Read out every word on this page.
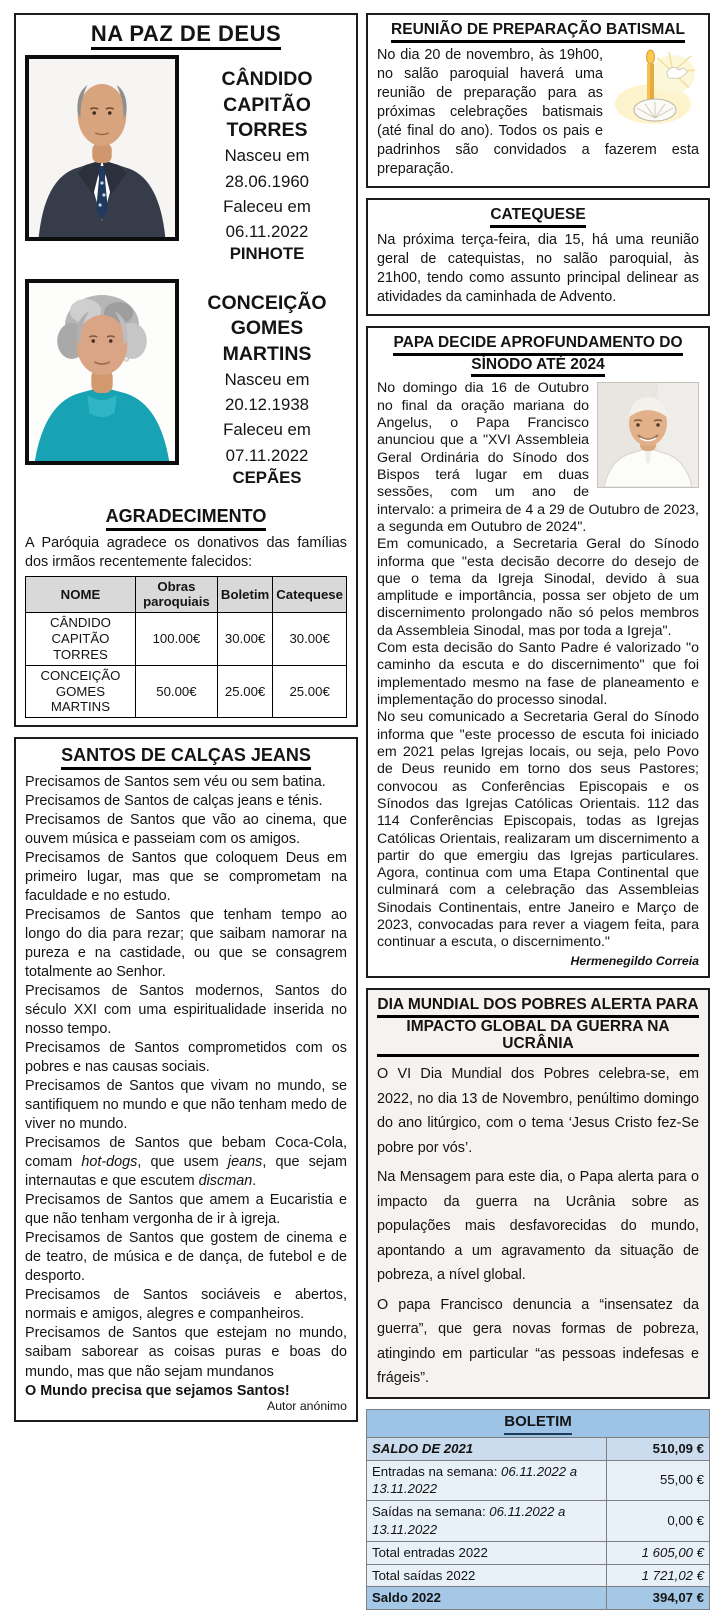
NA PAZ DE DEUS
CÂNDIDO
CAPITÃO TORRES
Nasceu em 28.06.1960
Faleceu em 06.11.2022
PINHOTE
CONCEIÇÃO
GOMES MARTINS
Nasceu em 20.12.1938
Faleceu em 07.11.2022
CEPÃES
AGRADECIMENTO

A Paróquia agradece os donativos das famílias dos irmãos recentemente falecidos:

NOME	Obras paroquiais	Boletim	Catequese
CÂNDIDO CAPITÃO TORRES	100.00€	30.00€	30.00€
CONCEIÇÃO GOMES MARTINS	50.00€	25.00€	25.00€
SANTOS DE CALÇAS JEANS

Precisamos de Santos sem véu ou sem batina.

Precisamos de Santos de calças jeans e ténis.

Precisamos de Santos que vão ao cinema, que ouvem música e passeiam com os amigos.

Precisamos de Santos que coloquem Deus em primeiro lugar, mas que se comprometam na faculdade e no estudo.

Precisamos de Santos que tenham tempo ao longo do dia para rezar; que saibam namorar na pureza e na castidade, ou que se consagrem totalmente ao Senhor.

Precisamos de Santos modernos, Santos do século XXI com uma espiritualidade inserida no nosso tempo.

Precisamos de Santos comprometidos com os pobres e nas causas sociais.

Precisamos de Santos que vivam no mundo, se santifiquem no mundo e que não tenham medo de viver no mundo.

Precisamos de Santos que bebam Coca-Cola, comam hot-dogs, que usem jeans, que sejam internautas e que escutem discman.

Precisamos de Santos que amem a Eucaristia e que não tenham vergonha de ir à igreja.

Precisamos de Santos que gostem de cinema e de teatro, de música e de dança, de futebol e de desporto.

Precisamos de Santos sociáveis e abertos, normais e amigos, alegres e companheiros.

Precisamos de Santos que estejam no mundo, saibam saborear as coisas puras e boas do mundo, mas que não sejam mundanos

O Mundo precisa que sejamos Santos!

Autor anónimo
REUNIÃO DE PREPARAÇÃO BATISMAL
No dia 20 de novembro, às 19h00, no salão paroquial haverá uma reunião de preparação para as próximas celebrações batismais (até final do ano). Todos os pais e padrinhos são convidados a fazerem esta preparação.
CATEQUESE

Na próxima terça-feira, dia 15, há uma reunião geral de catequistas, no salão paroquial, às 21h00, tendo como assunto principal delinear as atividades da caminhada de Advento.

PAPA DECIDE APROFUNDAMENTO DO
SÍNODO ATÉ 2024

No domingo dia 16 de Outubro no final da oração mariana do Angelus, o Papa Francisco anunciou que a "XVI Assembleia Geral Ordinária do Sínodo dos Bispos terá lugar em duas sessões, com um ano de intervalo: a primeira de 4 a 29 de Outubro de 2023, a segunda em Outubro de 2024".

Em comunicado, a Secretaria Geral do Sínodo informa que "esta decisão decorre do desejo de que o tema da Igreja Sinodal, devido à sua amplitude e importância, possa ser objeto de um discernimento prolongado não só pelos membros da Assembleia Sinodal, mas por toda a Igreja".

Com esta decisão do Santo Padre é valorizado "o caminho da escuta e do discernimento" que foi implementado mesmo na fase de planeamento e implementação do processo sinodal.

No seu comunicado a Secretaria Geral do Sínodo informa que "este processo de escuta foi iniciado em 2021 pelas Igrejas locais, ou seja, pelo Povo de Deus reunido em torno dos seus Pastores; convocou as Conferências Episcopais e os Sínodos das Igrejas Católicas Orientais. 112 das 114 Conferências Episcopais, todas as Igrejas Católicas Orientais, realizaram um discernimento a partir do que emergiu das Igrejas particulares. Agora, continua com uma Etapa Continental que culminará com a celebração das Assembleias Sinodais Continentais, entre Janeiro e Março de 2023, convocadas para rever a viagem feita, para continuar a escuta, o discernimento."
Hermenegildo Correia

DIA MUNDIAL DOS POBRES ALERTA PARA
IMPACTO GLOBAL DA GUERRA NA UCRÂNIA

O VI Dia Mundial dos Pobres celebra-se, em 2022, no dia 13 de Novembro, penúltimo domingo do ano litúrgico, com o tema ‘Jesus Cristo fez-Se pobre por vós’.

Na Mensagem para este dia, o Papa alerta para o impacto da guerra na Ucrânia sobre as populações mais desfavorecidas do mundo, apontando a um agravamento da situação de pobreza, a nível global.

O papa Francisco denuncia a “insensatez da guerra”, que gera novas formas de pobreza, atingindo em particular “as pessoas indefesas e frágeis”.

BOLETIM	
SALDO DE 2021	510,09 €
Entradas na semana: 06.11.2022 a 13.11.2022	55,00 €
Saídas na semana: 06.11.2022 a 13.11.2022	0,00 €
Total entradas 2022	1 605,00 €
Total saídas 2022	1 721,02 €
Saldo 2022	394,07 €
